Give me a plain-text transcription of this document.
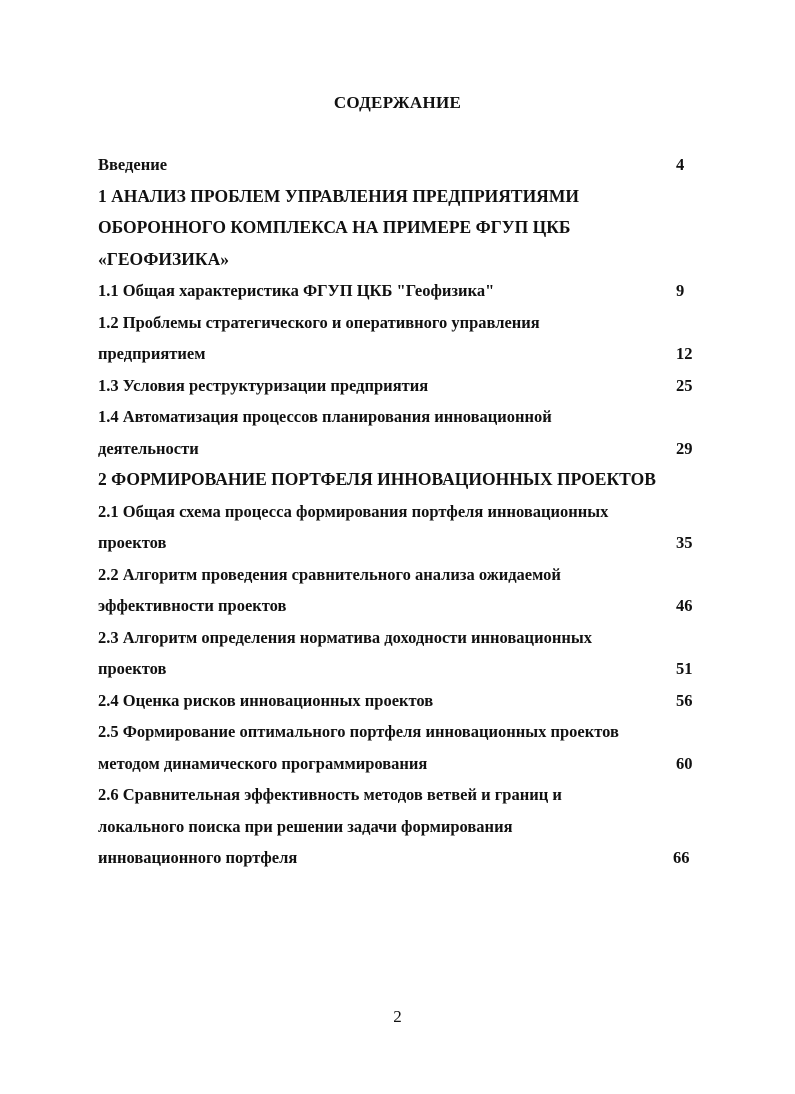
СОДЕРЖАНИЕ
Введение	4
1 АНАЛИЗ ПРОБЛЕМ УПРАВЛЕНИЯ ПРЕДПРИЯТИЯМИ
ОБОРОННОГО КОМПЛЕКСА НА ПРИМЕРЕ ФГУП ЦКБ
«ГЕОФИЗИКА»
1.1 Общая характеристика ФГУП ЦКБ "Геофизика"	9
1.2 Проблемы стратегического и оперативного управления
предприятием	12
1.3 Условия реструктуризации предприятия	25
1.4 Автоматизация процессов планирования инновационной
деятельности	29
2 ФОРМИРОВАНИЕ ПОРТФЕЛЯ ИННОВАЦИОННЫХ ПРОЕКТОВ
2.1 Общая схема процесса формирования портфеля инновационных
проектов	35
2.2 Алгоритм проведения сравнительного анализа ожидаемой
эффективности проектов	46
2.3 Алгоритм определения норматива доходности инновационных
проектов	51
2.4 Оценка рисков инновационных проектов	56
2.5 Формирование оптимального портфеля инновационных проектов
методом динамического программирования	60
2.6 Сравнительная эффективность методов ветвей и границ и
локального поиска при решении задачи формирования
инновационного портфеля	66
2
